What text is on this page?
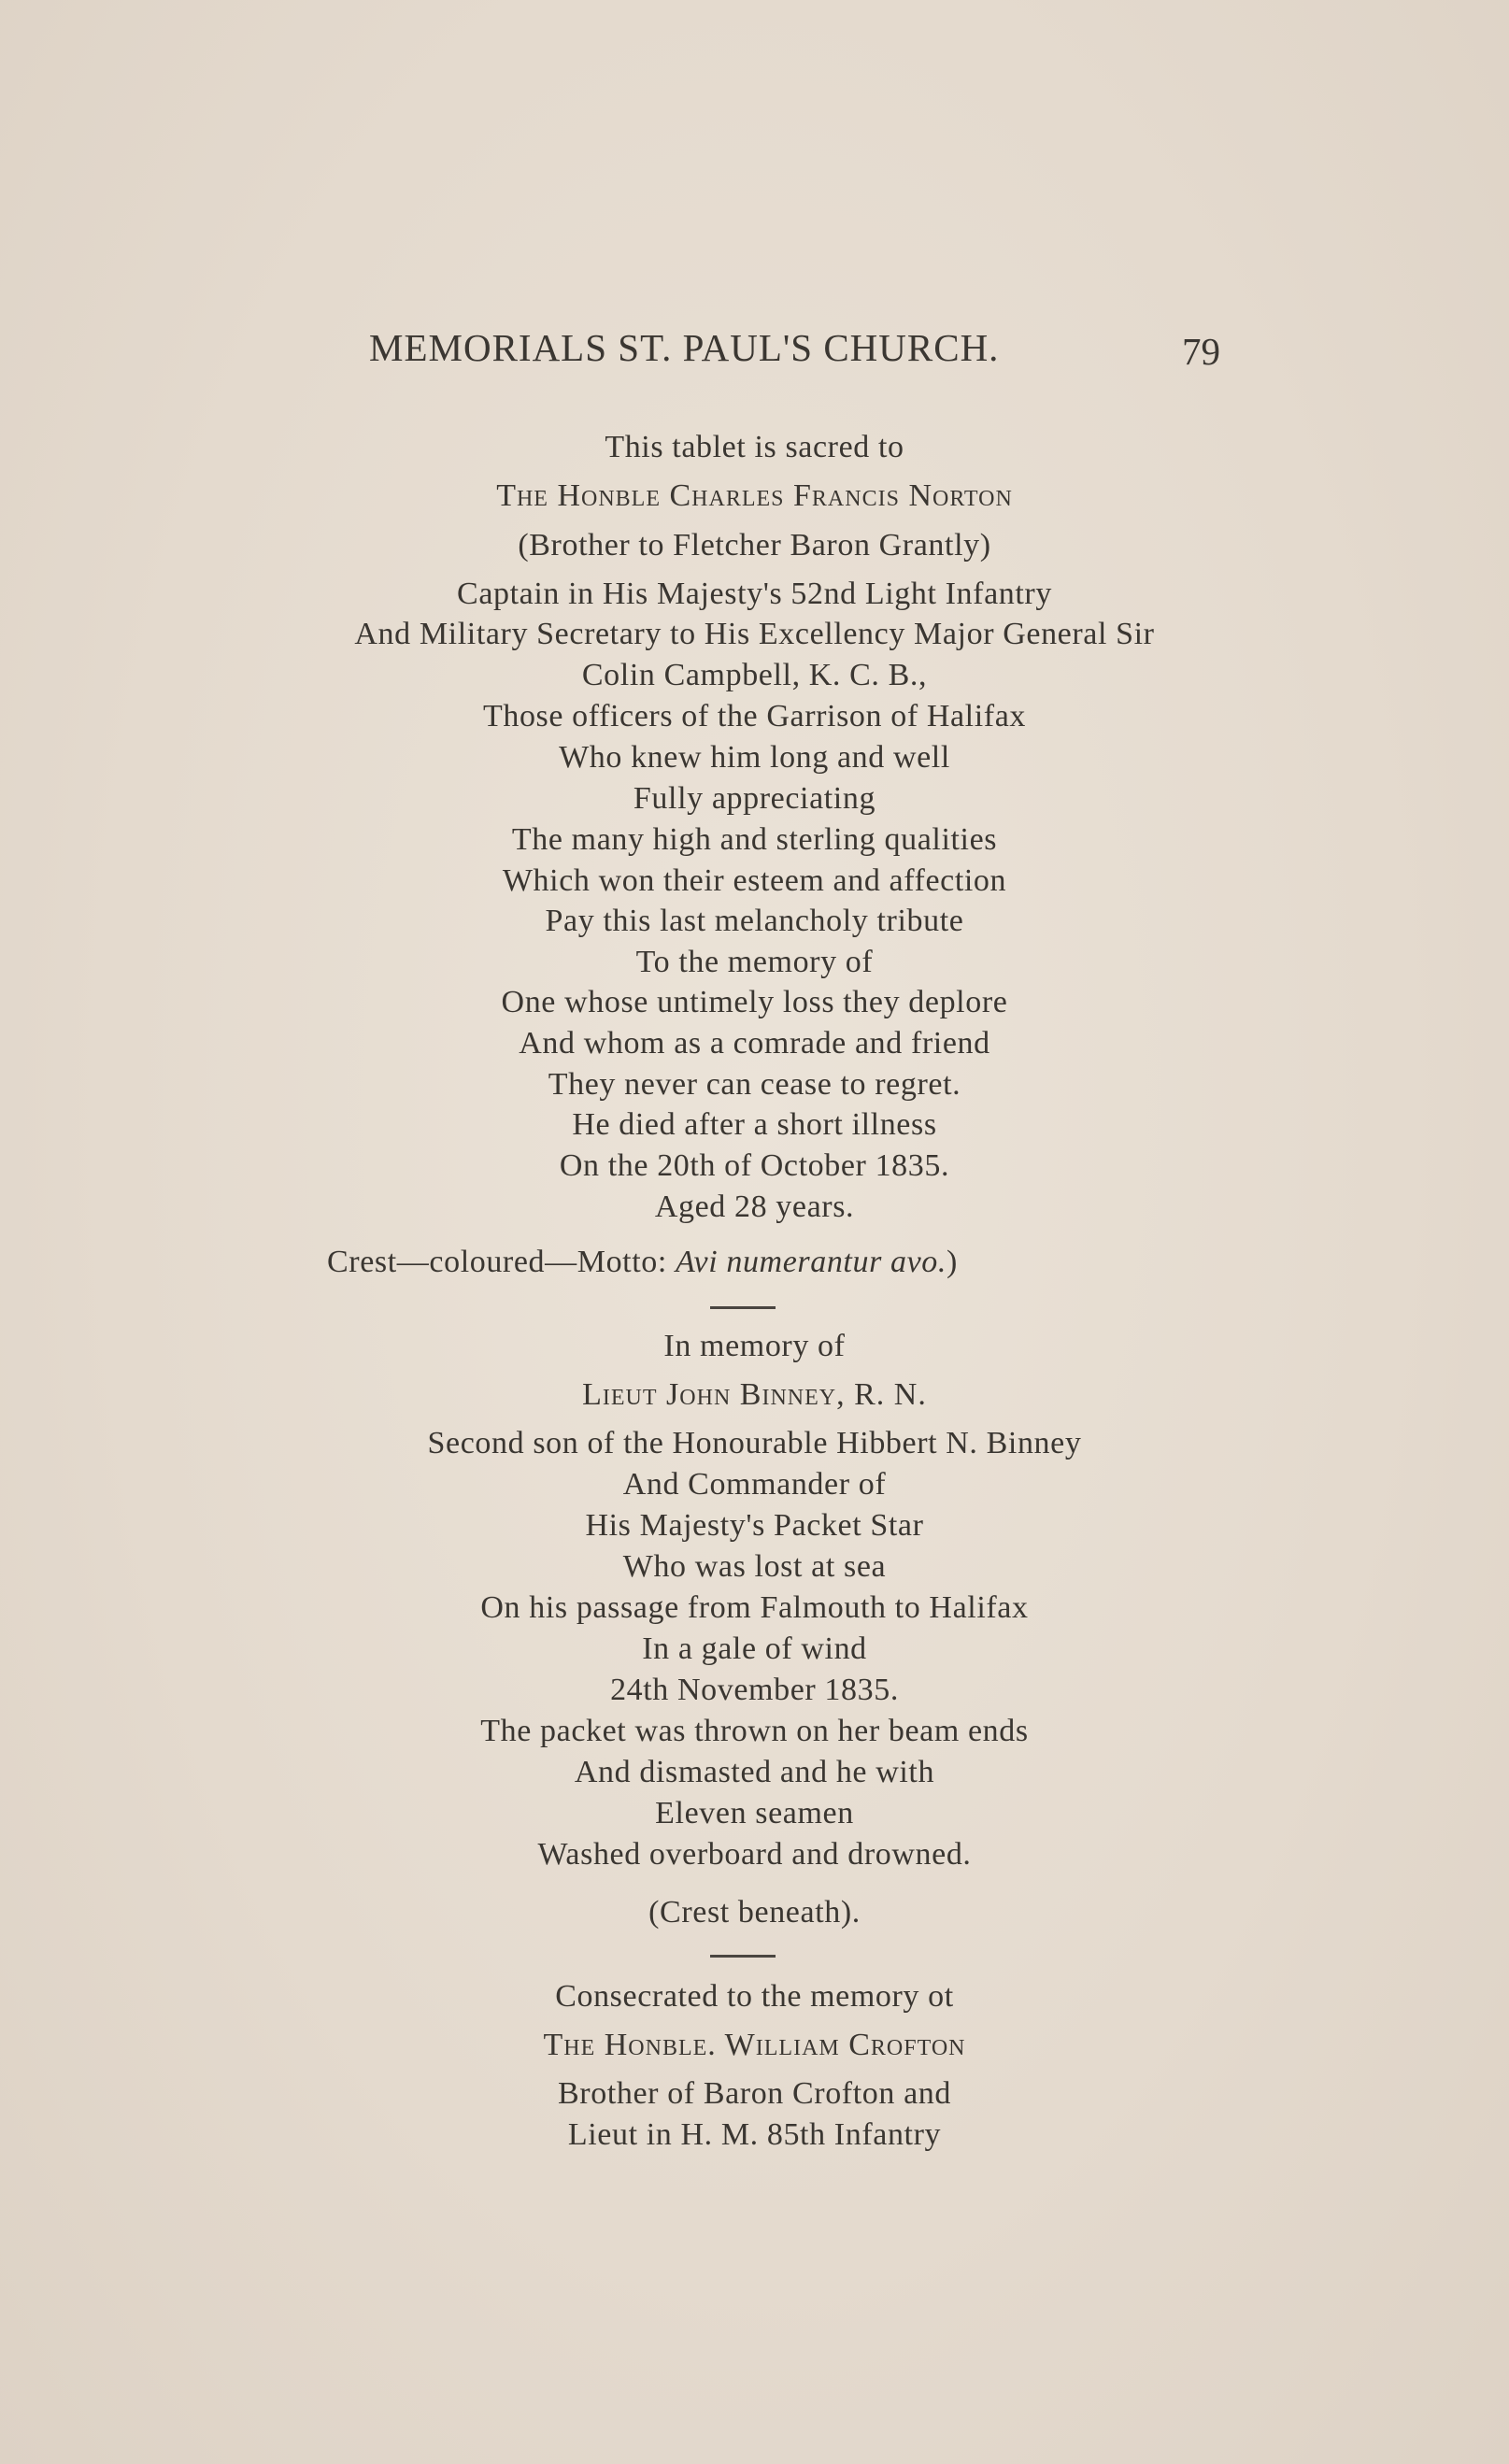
MEMORIALS ST. PAUL'S CHURCH.	79
This tablet is sacred to
The Honble Charles Francis Norton
(Brother to Fletcher Baron Grantly)
Captain in His Majesty's 52nd Light Infantry
And Military Secretary to His Excellency Major General Sir
Colin Campbell, K. C. B.,
Those officers of the Garrison of Halifax
Who knew him long and well
Fully appreciating
The many high and sterling qualities
Which won their esteem and affection
Pay this last melancholy tribute
To the memory of
One whose untimely loss they deplore
And whom as a comrade and friend
They never can cease to regret.
He died after a short illness
On the 20th of October 1835.
Aged 28 years.
Crest—coloured—Motto: Avi numerantur avo.)
In memory of
Lieut John Binney, R. N.
Second son of the Honourable Hibbert N. Binney
And Commander of
His Majesty's Packet Star
Who was lost at sea
On his passage from Falmouth to Halifax
In a gale of wind
24th November 1835.
The packet was thrown on her beam ends
And dismasted and he with
Eleven seamen
Washed overboard and drowned.
(Crest beneath).
Consecrated to the memory ot
The Honble. William Crofton
Brother of Baron Crofton and
Lieut in H. M. 85th Infantry
